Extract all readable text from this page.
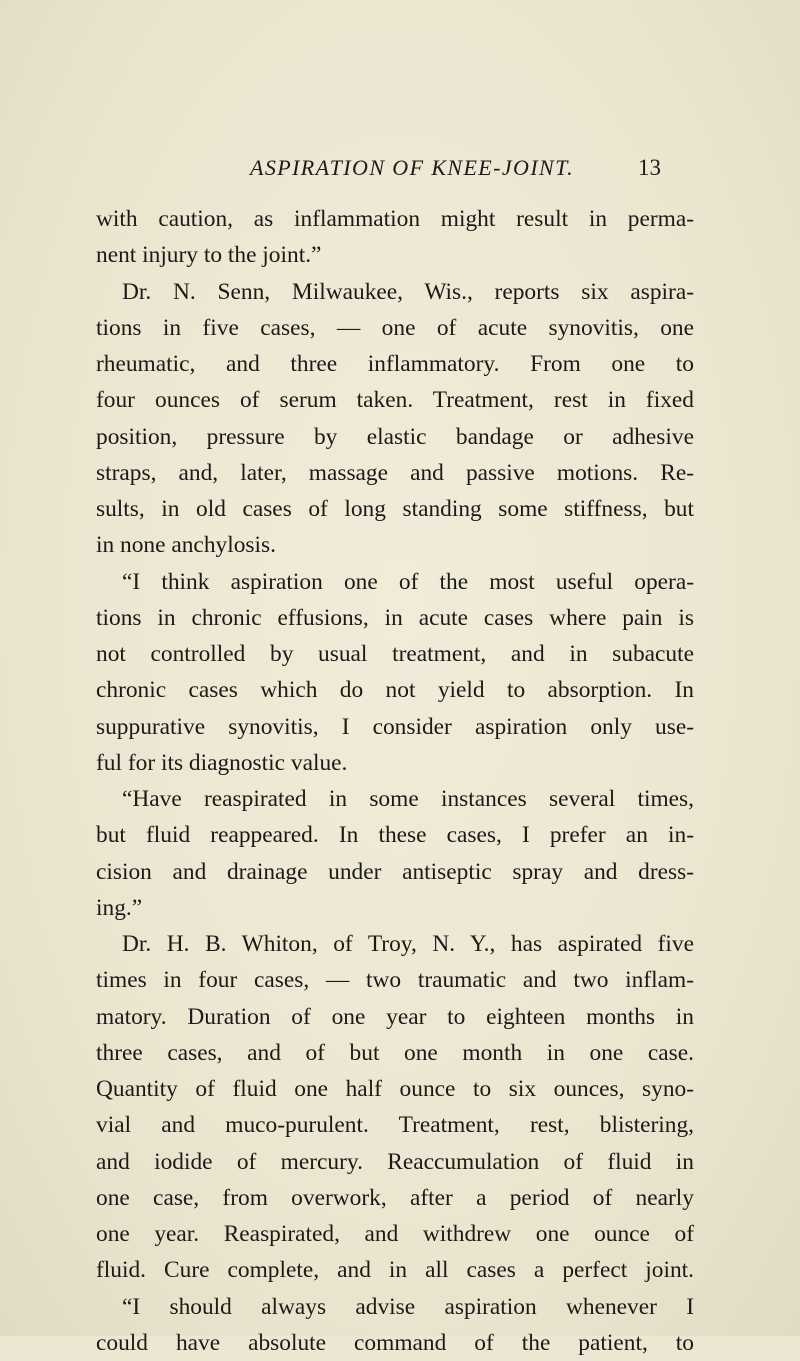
ASPIRATION OF KNEE-JOINT.	13
with caution, as inflammation might result in perma-
nent injury to the joint.”
Dr. N. Senn, Milwaukee, Wis., reports six aspira-
tions in five cases, — one of acute synovitis, one
rheumatic, and three inflammatory. From one to
four ounces of serum taken. Treatment, rest in fixed
position, pressure by elastic bandage or adhesive
straps, and, later, massage and passive motions. Re-
sults, in old cases of long standing some stiffness, but
in none anchylosis.
“I think aspiration one of the most useful opera-
tions in chronic effusions, in acute cases where pain is
not controlled by usual treatment, and in subacute
chronic cases which do not yield to absorption. In
suppurative synovitis, I consider aspiration only use-
ful for its diagnostic value.
“Have reaspirated in some instances several times,
but fluid reappeared. In these cases, I prefer an in-
cision and drainage under antiseptic spray and dress-
ing.”
Dr. H. B. Whiton, of Troy, N. Y., has aspirated five
times in four cases, — two traumatic and two inflam-
matory. Duration of one year to eighteen months in
three cases, and of but one month in one case.
Quantity of fluid one half ounce to six ounces, syno-
vial and muco-purulent. Treatment, rest, blistering,
and iodide of mercury. Reaccumulation of fluid in
one case, from overwork, after a period of nearly
one year. Reaspirated, and withdrew one ounce of
fluid. Cure complete, and in all cases a perfect joint.
“I should always advise aspiration whenever I
could have absolute command of the patient, to
